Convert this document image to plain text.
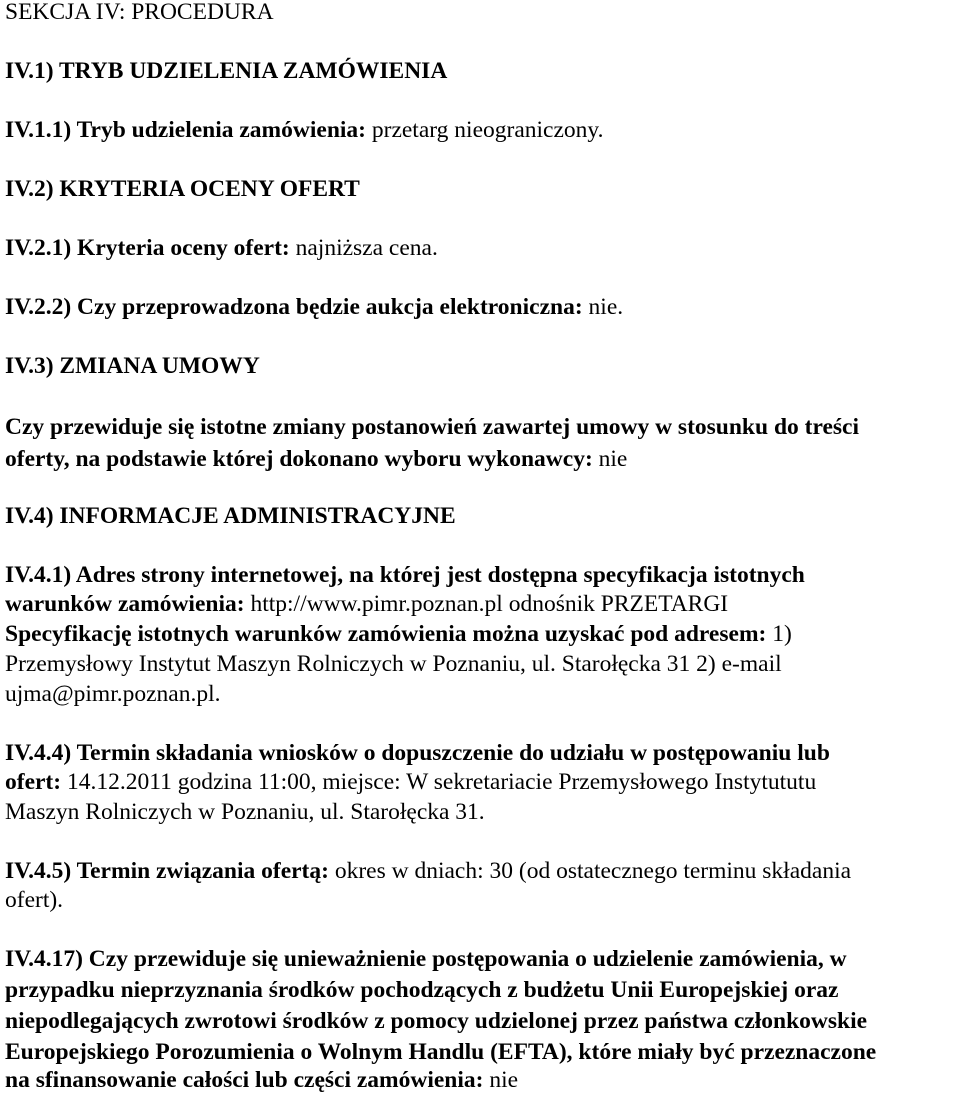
SEKCJA IV: PROCEDURA
IV.1) TRYB UDZIELENIA ZAMÓWIENIA
IV.1.1) Tryb udzielenia zamówienia: przetarg nieograniczony.
IV.2) KRYTERIA OCENY OFERT
IV.2.1) Kryteria oceny ofert: najniższa cena.
IV.2.2) Czy przeprowadzona będzie aukcja elektroniczna: nie.
IV.3) ZMIANA UMOWY
Czy przewiduje się istotne zmiany postanowień zawartej umowy w stosunku do treści
oferty, na podstawie której dokonano wyboru wykonawcy: nie
IV.4) INFORMACJE ADMINISTRACYJNE
IV.4.1) Adres strony internetowej, na której jest dostępna specyfikacja istotnych
warunków zamówienia: http://www.pimr.poznan.pl odnośnik PRZETARGI
Specyfikację istotnych warunków zamówienia można uzyskać pod adresem: 1)
Przemysłowy Instytut Maszyn Rolniczych w Poznaniu, ul. Starołęcka 31 2) e-mail
ujma@pimr.poznan.pl.
IV.4.4) Termin składania wniosków o dopuszczenie do udziału w postępowaniu lub
ofert: 14.12.2011 godzina 11:00, miejsce: W sekretariacie Przemysłowego Instytututu
Maszyn Rolniczych w Poznaniu, ul. Starołęcka 31.
IV.4.5) Termin związania ofertą: okres w dniach: 30 (od ostatecznego terminu składania
ofert).
IV.4.17) Czy przewiduje się unieważnienie postępowania o udzielenie zamówienia, w
przypadku nieprzyznania środków pochodzących z budżetu Unii Europejskiej oraz
niepodlegających zwrotowi środków z pomocy udzielonej przez państwa członkowskie
Europejskiego Porozumienia o Wolnym Handlu (EFTA), które miały być przeznaczone
na sfinansowanie całości lub części zamówienia: nie
